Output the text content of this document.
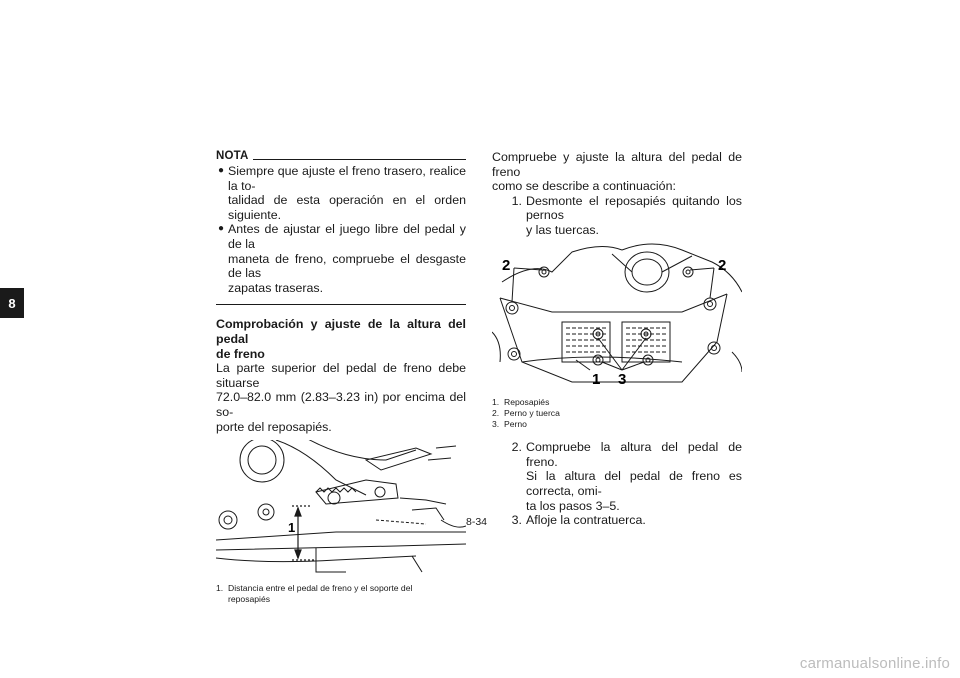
8
NOTA
● Siempre que ajuste el freno trasero, realice la to-
talidad de esta operación en el orden siguiente.
● Antes de ajustar el juego libre del pedal y de la
maneta de freno, compruebe el desgaste de las
zapatas traseras.
Comprobación y ajuste de la altura del pedal
de freno

La parte superior del pedal de freno debe situarse
72.0–82.0 mm (2.83–3.23 in) por encima del so-
porte del reposapiés.

1
1. Distancia entre el pedal de freno y el soporte del
reposapiés

Compruebe y ajuste la altura del pedal de freno
como se describe a continuación:

1. Desmonte el reposapiés quitando los pernos
y las tuercas.
2	2
1 3
1. Reposapiés
2. Perno y tuerca
3. Perno
2. Compruebe la altura del pedal de freno.
Si la altura del pedal de freno es correcta, omi-
ta los pasos 3–5.
3. Afloje la contratuerca.
8-34
carmanualsonline.info
